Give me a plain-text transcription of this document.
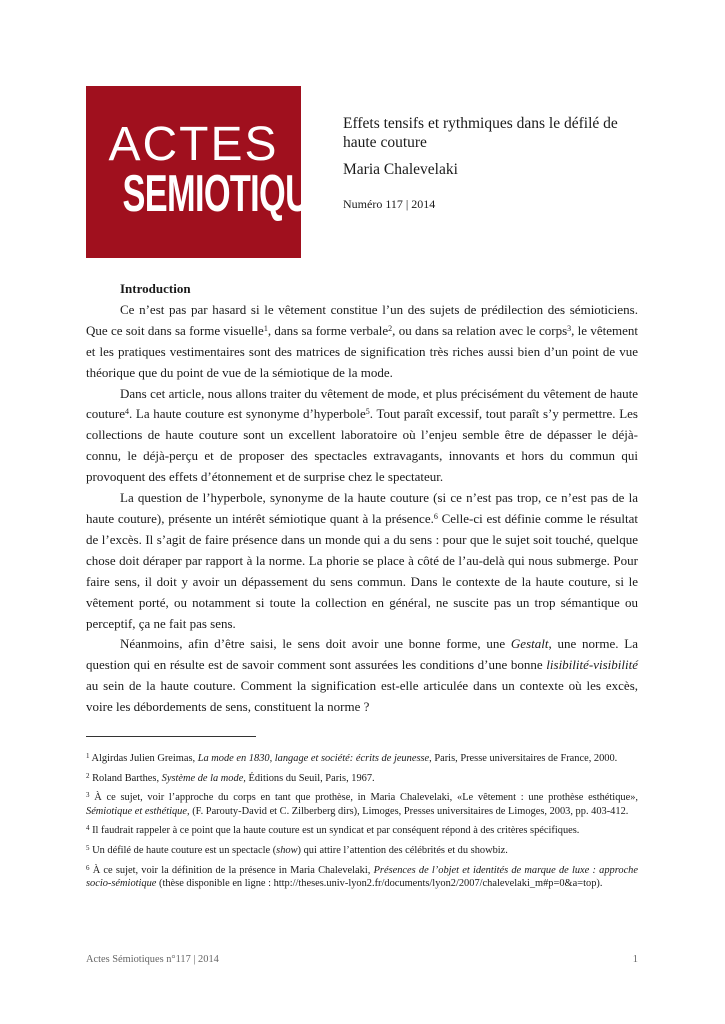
ACTES
SEMIOTIQUES
Effets tensifs et rythmiques dans le défilé de haute couture
Maria Chalevelaki
Numéro 117 | 2014
Introduction

Ce n’est pas par hasard si le vêtement constitue l’un des sujets de prédilection des sémioticiens. Que ce soit dans sa forme visuelle$^1$, dans sa forme verbale$^2$, ou dans sa relation avec le corps$^3$, le vêtement et les pratiques vestimentaires sont des matrices de signification très riches aussi bien d’un point de vue théorique que du point de vue de la sémiotique de la mode.

Dans cet article, nous allons traiter du vêtement de mode, et plus précisément du vêtement de haute couture$^4$. La haute couture est synonyme d’hyperbole$^5$. Tout paraît excessif, tout paraît s’y permettre. Les collections de haute couture sont un excellent laboratoire où l’enjeu semble être de dépasser le déjà-connu, le déjà-perçu et de proposer des spectacles extravagants, innovants et hors du commun qui provoquent des effets d’étonnement et de surprise chez le spectateur.

La question de l’hyperbole, synonyme de la haute couture (si ce n’est pas trop, ce n’est pas de la haute couture), présente un intérêt sémiotique quant à la présence.$^6$ Celle-ci est définie comme le résultat de l’excès. Il s’agit de faire présence dans un monde qui a du sens : pour que le sujet soit touché, quelque chose doit déraper par rapport à la norme. La phorie se place à côté de l’au-delà qui nous submerge. Pour faire sens, il doit y avoir un dépassement du sens commun. Dans le contexte de la haute couture, si le vêtement porté, ou notamment si toute la collection en général, ne suscite pas un trop sémantique ou perceptif, ça ne fait pas sens.

Néanmoins, afin d’être saisi, le sens doit avoir une bonne forme, une Gestalt, une norme. La question qui en résulte est de savoir comment sont assurées les conditions d’une bonne lisibilité-visibilité au sein de la haute couture. Comment la signification est-elle articulée dans un contexte où les excès, voire les débordements de sens, constituent la norme ?

$^1$ Algirdas Julien Greimas, La mode en 1830, langage et société: écrits de jeunesse, Paris, Presse universitaires de France, 2000.

$^2$ Roland Barthes, Système de la mode, Éditions du Seuil, Paris, 1967.

$^3$ À ce sujet, voir l’approche du corps en tant que prothèse, in Maria Chalevelaki, «Le vêtement : une prothèse esthétique», Sémiotique et esthétique, (F. Parouty-David et C. Zilberberg dirs), Limoges, Presses universitaires de Limoges, 2003, pp. 403-412.

$^4$ Il faudrait rappeler à ce point que la haute couture est un syndicat et par conséquent répond à des critères spécifiques.

$^5$ Un défilé de haute couture est un spectacle (show) qui attire l’attention des célébrités et du showbiz.

$^6$ À ce sujet, voir la définition de la présence in Maria Chalevelaki, Présences de l’objet et identités de marque de luxe : approche socio-sémiotique (thèse disponible en ligne : http://theses.univ-lyon2.fr/documents/lyon2/2007/chalevelaki_m#p=0&a=top).

Actes Sémiotiques n°117 | 2014	1
